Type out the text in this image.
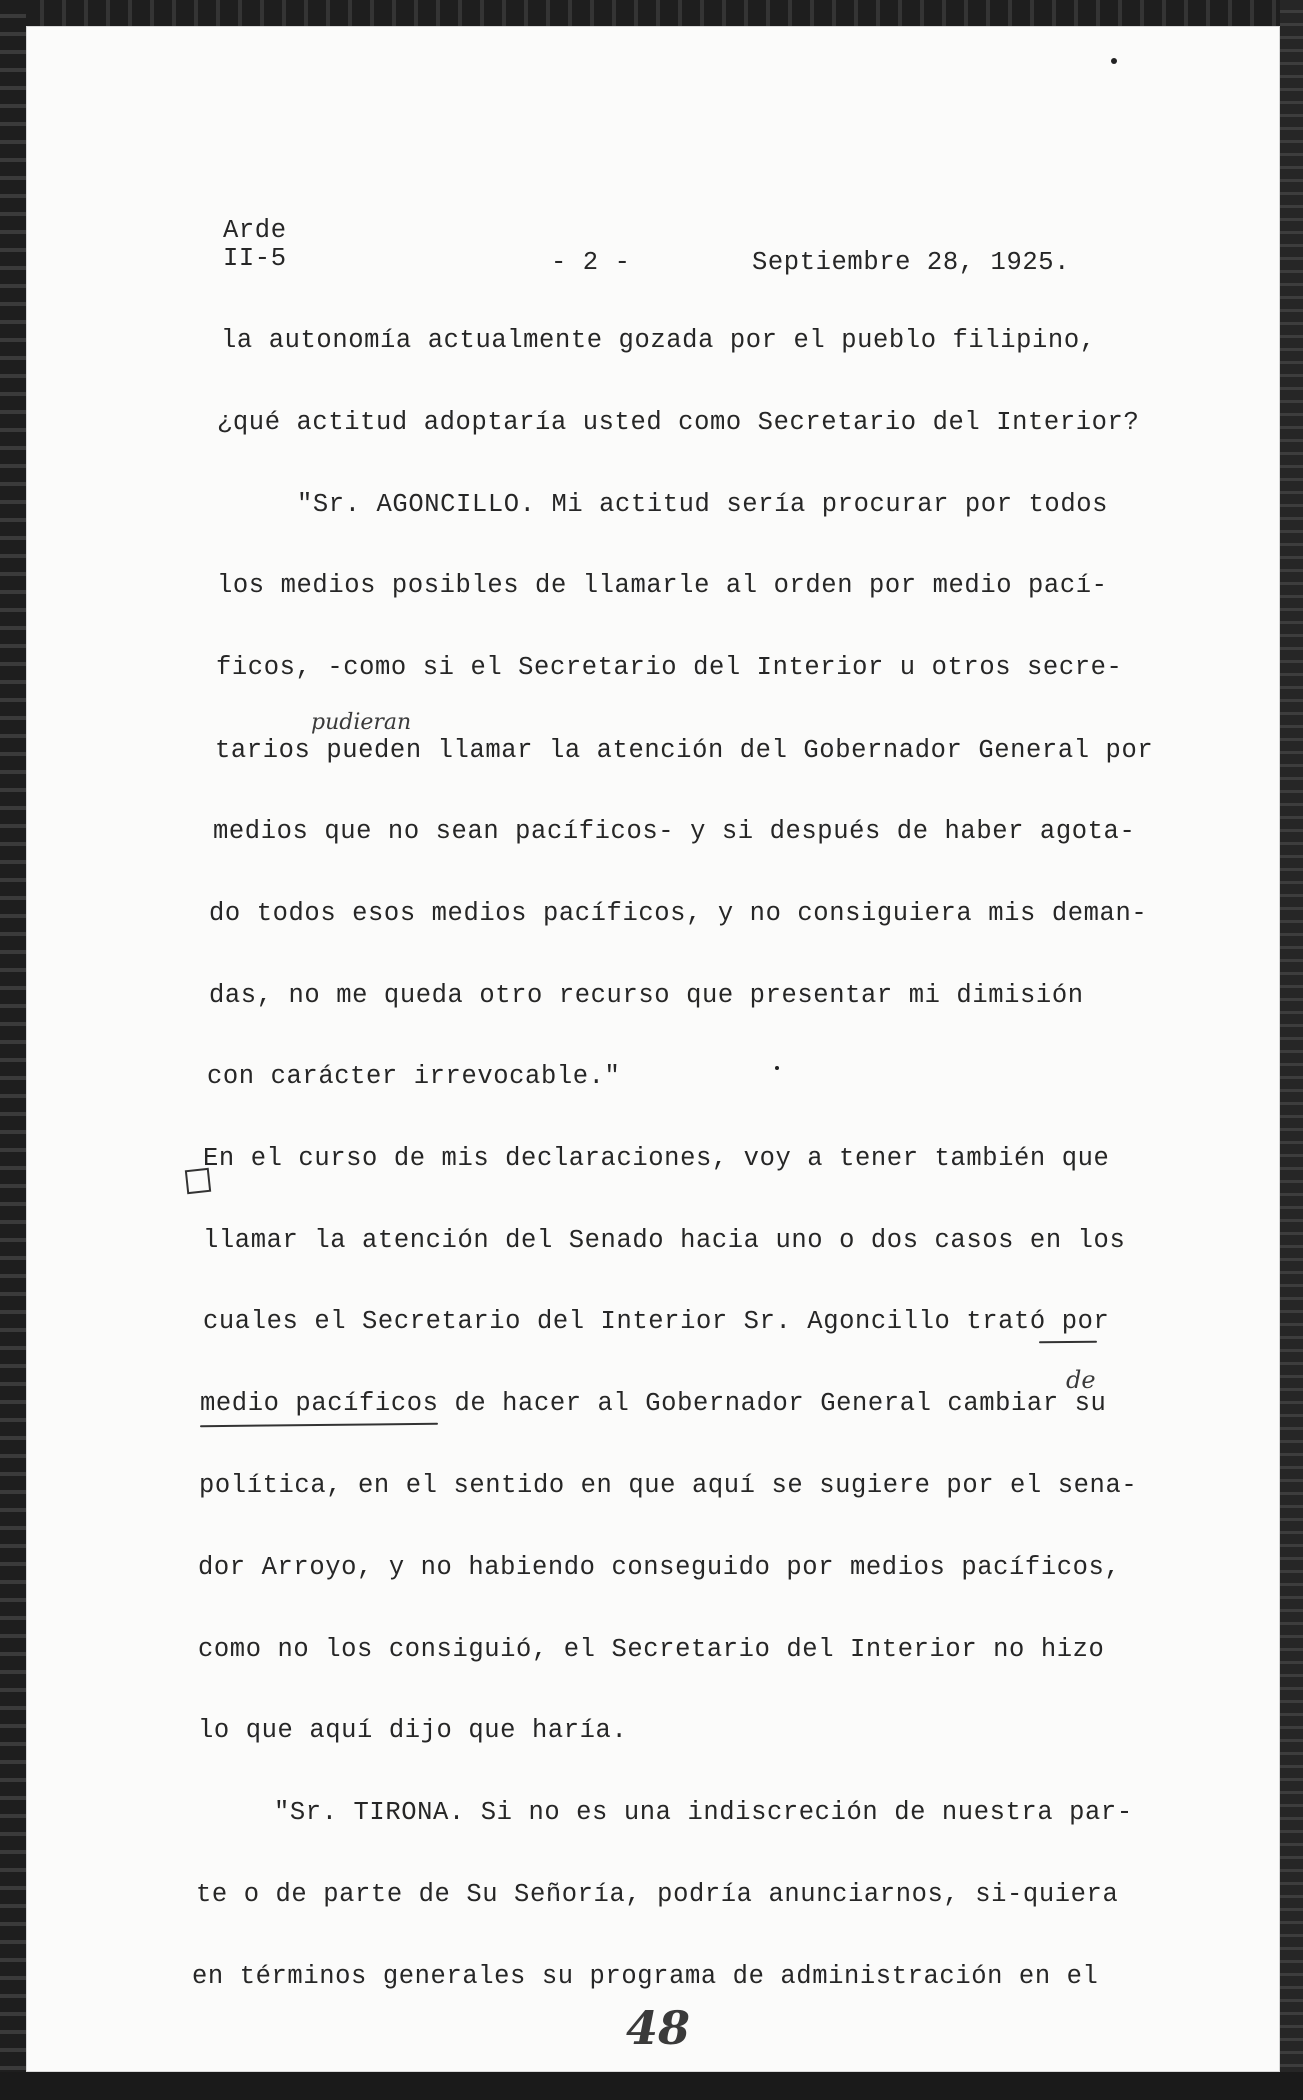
Arde
II-5	- 2 -	Septiembre 28, 1925.
la autonomía actualmente gozada por el pueblo filipino,
¿qué actitud adoptaría usted como Secretario del Interior?
"Sr. AGONCILLO. Mi actitud sería procurar por todos
los medios posibles de llamarle al orden por medio pací-
ficos, -como si el Secretario del Interior u otros secre-
tarios pueden llamar la atención del Gobernador General por
pudieran
medios que no sean pacíficos- y si después de haber agota-
do todos esos medios pacíficos, y no consiguiera mis deman-
das, no me queda otro recurso que presentar mi dimisión
con carácter irrevocable."
En el curso de mis declaraciones, voy a tener también que
llamar la atención del Senado hacia uno o dos casos en los
cuales el Secretario del Interior Sr. Agoncillo trató por
medio pacíficos de hacer al Gobernador General cambiar su
de
política, en el sentido en que aquí se sugiere por el sena-
dor Arroyo, y no habiendo conseguido por medios pacíficos,
como no los consiguió, el Secretario del Interior no hizo
lo que aquí dijo que haría.
"Sr. TIRONA. Si no es una indiscreción de nuestra par-
te o de parte de Su Señoría, podría anunciarnos, si-quiera
en términos generales su programa de administración en el
48
